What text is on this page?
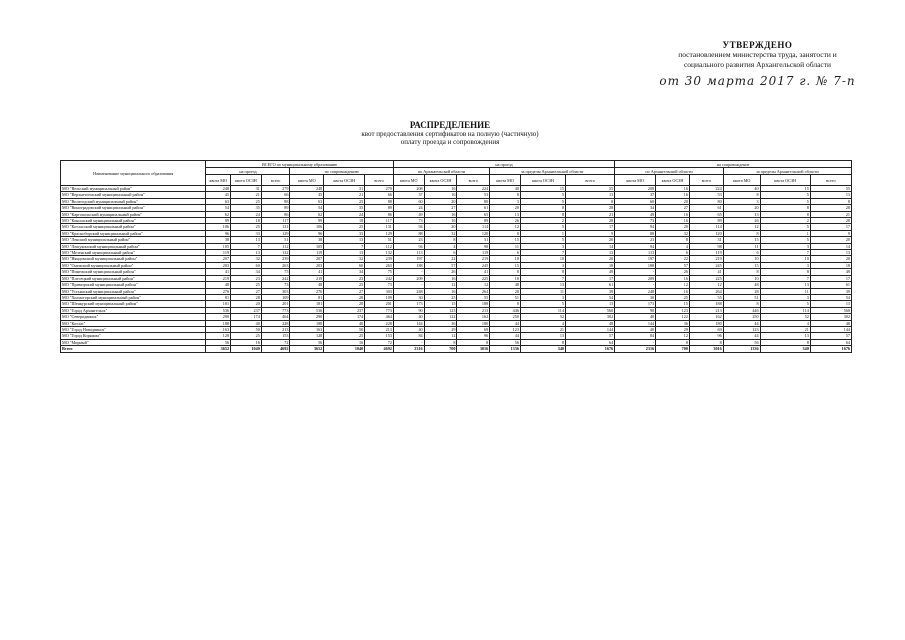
УТВЕРЖДЕНО
постановлением министерства труда, занятости и
социального развития Архангельской области
от 30 марта 2017 г. № 7-п
РАСПРЕДЕЛЕНИЕ
квот предоставления сертификатов на полную (частичную)
оплату проезда и сопровождения
Наименование муниципального образования	ВСЕГО по муниципальному образованию						на проезд						на сопровождение					
	на проезд			по сопровождению			по Архангельской области			за пределы Архангельской области			по Архангельской области			за пределы Архангельской области		
	квота МО	квота ОСЗН	всего	квота МО	квота ОСЗН	всего	квота МО	квота ОСЗН	всего	квота МО	квота ОСЗН	всего	квота МО	квота ОСЗН	всего	квота МО	квота ОСЗН	всего
МО "Вельский муниципальный район"	248	31	279	248	31	279	208	16	224	40	15	55	208	16	224	40	15	55
МО "Верхнетоемский муниципальный район"	45	21	66	45	21	66	37	16	53	8	5	13	37	16	53	8	5	13
МО "Вилегодский муниципальный район"	63	25	88	63	25	88	60	20	80	3	5	8	60	20	80	3	5	8
МО "Виноградовский муниципальный район"	54	35	89	54	35	89	24	27	61	20	8	28	34	27	61	20	8	28
МО "Каргопольский муниципальный район"	62	24	86	62	24	86	49	16	65	13	8	21	49	16	65	13	8	21
МО "Коношский муниципальный район"	99	18	117	99	18	117	73	16	89	26	2	28	73	16	89	26	2	28
МО "Котласский муниципальный район"	106	25	131	106	25	131	94	20	114	12	5	17	94	20	114	12	5	17
МО "Красноборский муниципальный район"	96	33	129	96	33	129	88	32	120	8	1	9	88	32	120	8	1	9
МО "Ленский муниципальный район"	38	13	51	38	13	51	23	8	31	15	5	20	23	8	31	15	5	20
МО "Лешуконский муниципальный район"	105	7	112	105	7	112	94	4	98	11	3	14	94	4	98	11	3	14
МО "Мезенский муниципальный район"	119	13	132	119	13	132	113	6	119	6	7	13	113	6	119	6	7	13
МО "Няндомский муниципальный район"	207	32	239	207	32	239	197	22	219	10	10	20	197	22	219	10	10	20
МО "Онежский муниципальный район"	203	60	263	203	60	263	188	57	245	15	3	18	188	57	245	15	3	18
МО "Пинежский муниципальный район"	41	34	75	41	34	75	-	26	41	8	8	49	-	26	41	8	8	49
МО "Плесецкий муниципальный район"	219	23	242	219	23	242	209	16	225	10	7	17	209	16	225	10	7	17
МО "Приморский муниципальный район"	48	25	73	48	25	73	-	12	12	48	13	61	-	12	12	48	13	61
МО "Устьянский муниципальный район"	276	27	303	276	27	303	248	16	264	28	11	39	248	16	264	28	11	39
МО "Холмогорский муниципальный район"	81	28	109	81	28	109	30	25	55	51	3	54	30	25	55	51	3	54
МО "Шенкурский муниципальный район"	181	20	201	181	20	201	173	15	188	8	5	13	173	15	188	8	5	13
МО "Город Архангельск"	536	237	773	536	237	773	90	123	213	446	114	560	90	123	213	446	114	560
МО "Северодвинск"	290	174	464	290	174	464	40	122	162	250	52	302	40	122	162	250	52	302
МО "Котлас"	188	40	228	188	40	228	144	36	180	44	4	48	144	36	180	44	4	48
МО "Город Новодвинск"	163	50	213	163	50	213	40	29	69	123	21	144	40	29	69	123	21	144
МО "Город Коряжма"	128	25	153	128	25	153	84	12	96	44	13	57	84	12	96	44	13	57
МО "Мирный"	56	16	72	56	16	72	-	8	8	56	8	64	-	8	8	56	8	64
Всего	3652	1040	4692	3652	1040	4692	2316	700	3016	1336	340	1676	2316	700	3016	1336	340	1676
